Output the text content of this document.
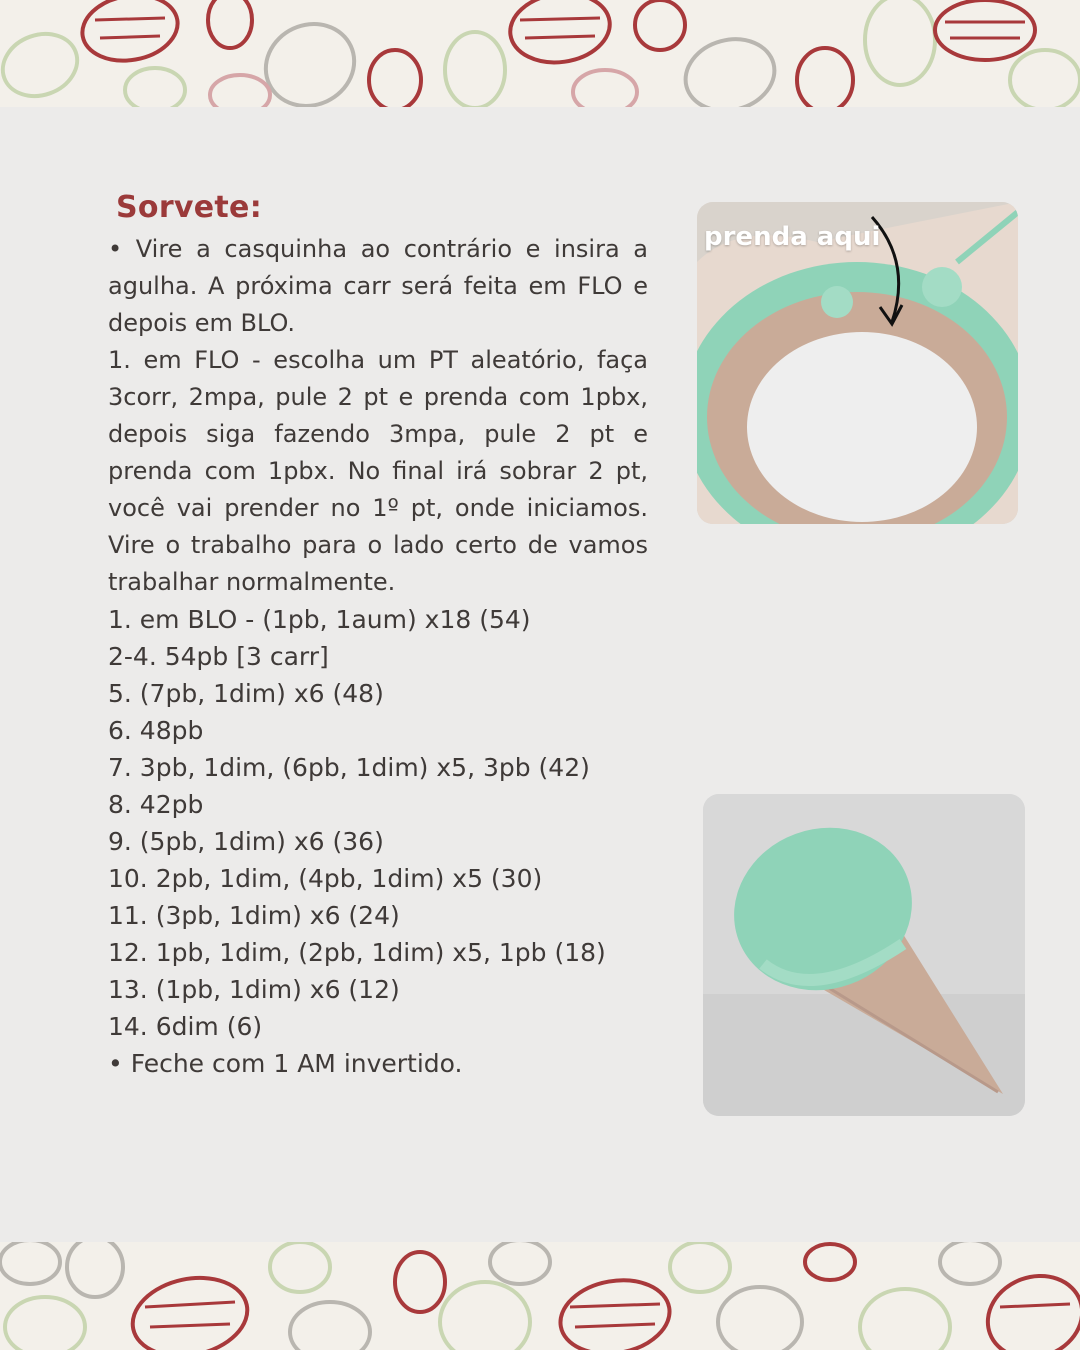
Sorvete:

• Vire a casquinha ao contrário e insira a agulha. A próxima carr será feita em FLO e depois em BLO.

1. em FLO - escolha um PT aleatório, faça 3corr, 2mpa, pule 2 pt e prenda com 1pbx, depois siga fazendo 3mpa, pule 2 pt e prenda com 1pbx. No final irá sobrar 2 pt, você vai prender no 1º pt, onde iniciamos. Vire o trabalho para o lado certo de vamos trabalhar normalmente.

1. em BLO - (1pb, 1aum) x18 (54)

2-4. 54pb [3 carr]

5. (7pb, 1dim) x6 (48)

6. 48pb

7. 3pb, 1dim, (6pb, 1dim) x5, 3pb (42)

8. 42pb

9. (5pb, 1dim) x6 (36)

10. 2pb, 1dim, (4pb, 1dim) x5 (30)

11. (3pb, 1dim) x6 (24)

12. 1pb, 1dim, (2pb, 1dim) x5, 1pb (18)

13. (1pb, 1dim) x6 (12)

14. 6dim (6)

• Feche com 1 AM invertido.

prenda aqui
